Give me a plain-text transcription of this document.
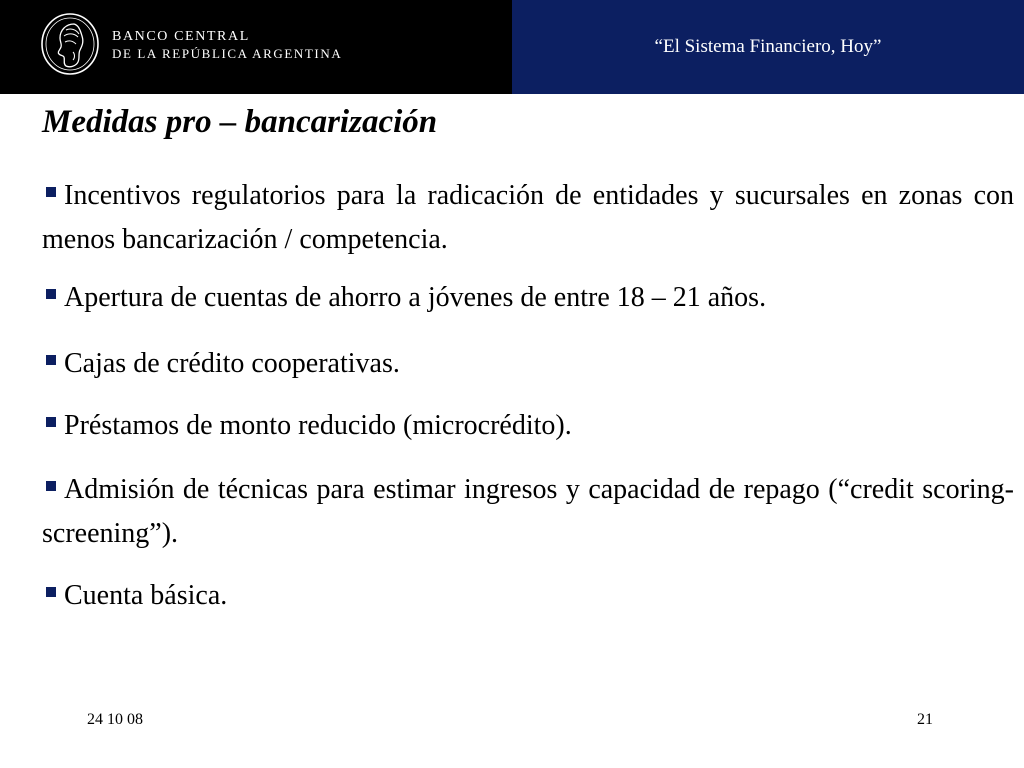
BANCO CENTRAL
DE LA REPÚBLICA ARGENTINA	“El Sistema Financiero, Hoy”
Medidas pro – bancarización
Incentivos regulatorios para la radicación de entidades y sucursales en zonas con menos bancarización / competencia.
Apertura de cuentas de ahorro a jóvenes de entre 18 – 21 años.
Cajas de crédito cooperativas.
Préstamos de monto reducido (microcrédito).
Admisión de técnicas para estimar ingresos y capacidad de repago (“credit scoring-screening”).
Cuenta básica.
24 10 08	21
